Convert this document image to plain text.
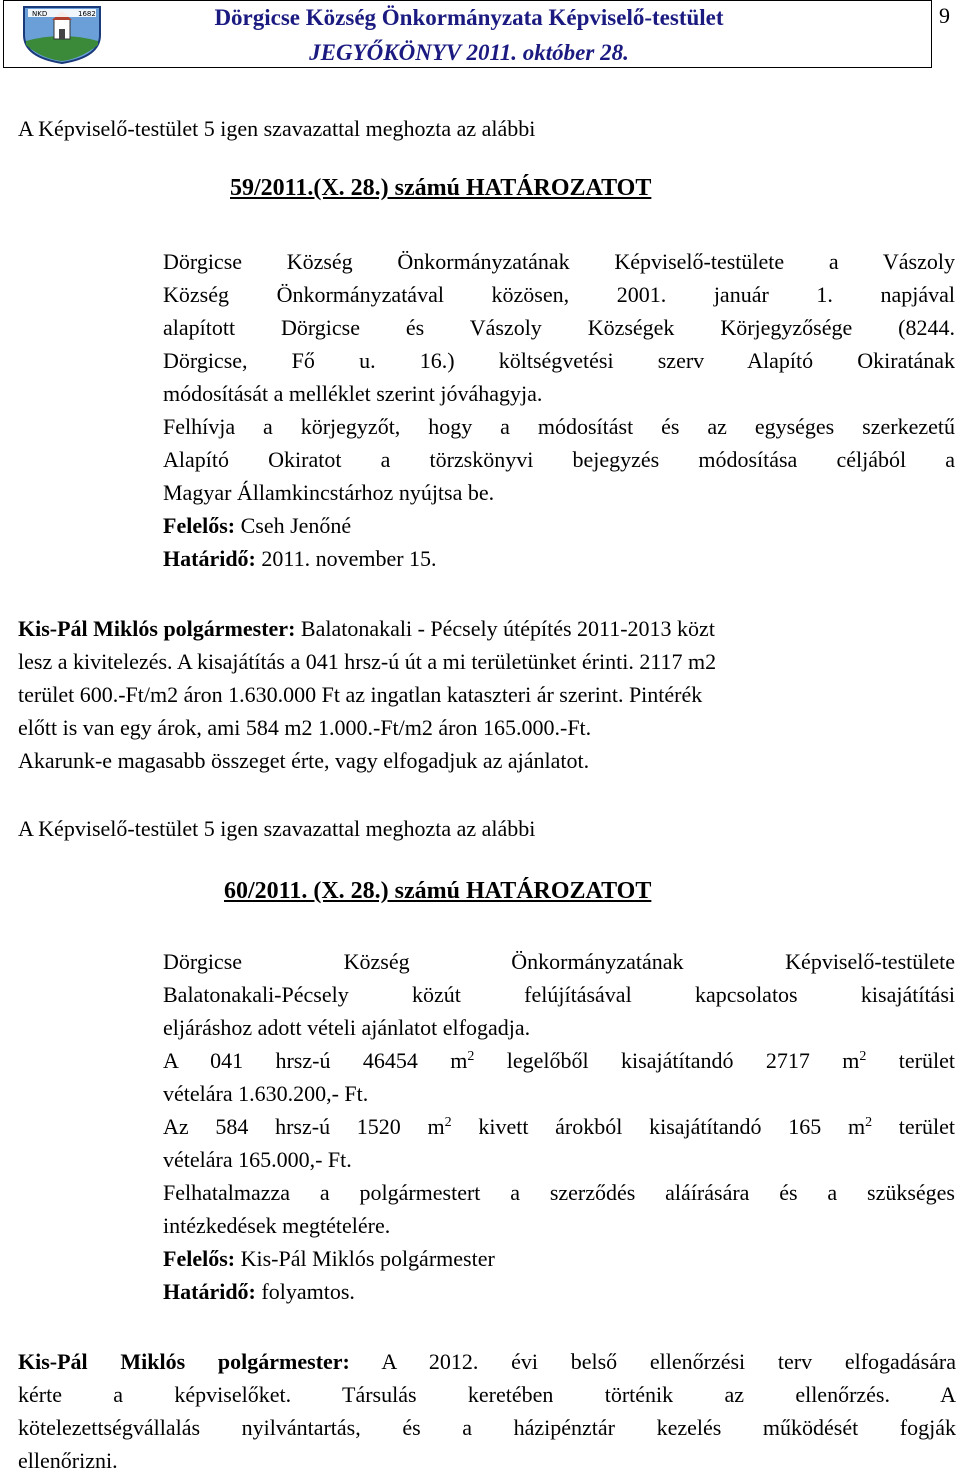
NKD	1682	Dörgicse Község Önkormányzata Képviselő-testület
JEGYŐKÖNYV 2011. október 28.
9

A Képviselő-testület 5 igen szavazattal meghozta az alábbi

59/2011.(X. 28.) számú HATÁROZATOT
Dörgicse Község Önkormányzatának Képviselő-testülete a Vászoly
Község Önkormányzatával közösen, 2001. január 1. napjával
alapított Dörgicse és Vászoly Községek Körjegyzősége (8244.
Dörgicse, Fő u. 16.) költségvetési szerv Alapító Okiratának
módosítását a melléklet szerint jóváhagyja.
Felhívja a körjegyzőt, hogy a módosítást és az egységes szerkezetű
Alapító Okiratot a törzskönyvi bejegyzés módosítása céljából a
Magyar Államkincstárhoz nyújtsa be.
Felelős: Cseh Jenőné
Határidő: 2011. november 15.
Kis-Pál Miklós polgármester: Balatonakali - Pécsely útépítés 2011-2013 közt
lesz a kivitelezés. A kisajátítás a 041 hrsz-ú út a mi területünket érinti. 2117 m2
terület 600.-Ft/m2 áron 1.630.000 Ft az ingatlan kataszteri ár szerint. Pintérék
előtt is van egy árok, ami 584 m2 1.000.-Ft/m2 áron 165.000.-Ft.
Akarunk-e magasabb összeget érte, vagy elfogadjuk az ajánlatot.

A Képviselő-testület 5 igen szavazattal meghozta az alábbi

60/2011. (X. 28.) számú HATÁROZATOT
Dörgicse Község Önkormányzatának Képviselő-testülete
Balatonakali-Pécsely közút felújításával kapcsolatos kisajátítási
eljáráshoz adott vételi ajánlatot elfogadja.
A 041 hrsz-ú 46454 $m^2$ legelőből kisajátítandó 2717 $m^2$ terület
vételára 1.630.200,- Ft.
Az 584 hrsz-ú 1520 $m^2$ kivett árokból kisajátítandó 165 $m^2$ terület
vételára 165.000,- Ft.
Felhatalmazza a polgármestert a szerződés aláírására és a szükséges
intézkedések megtételére.
Felelős: Kis-Pál Miklós polgármester
Határidő: folyamtos.
Kis-Pál Miklós polgármester: A 2012. évi belső ellenőrzési terv elfogadására
kérte a képviselőket. Társulás keretében történik az ellenőrzés. A
kötelezettségvállalás nyilvántartás, és a házipénztár kezelés működését fogják
ellenőrizni.
